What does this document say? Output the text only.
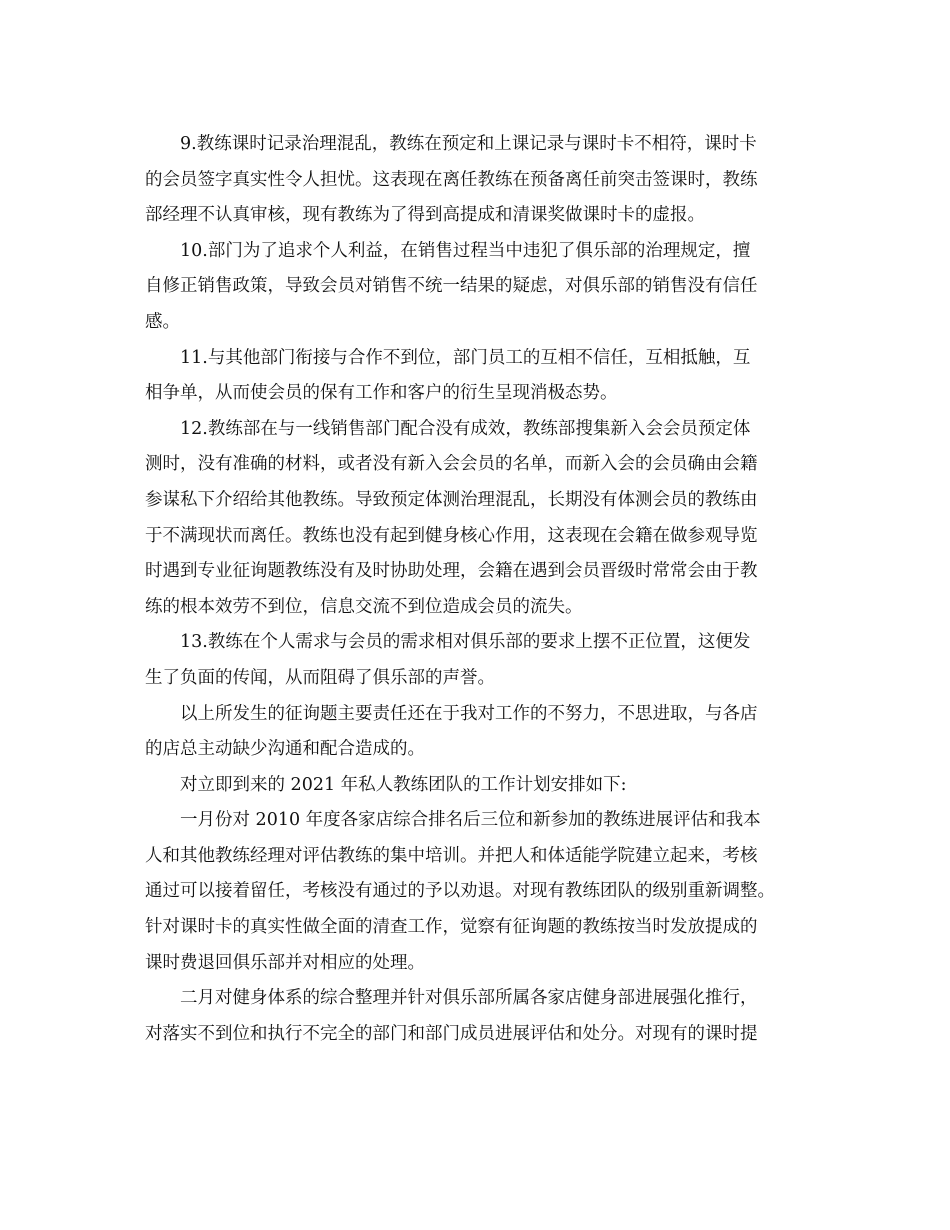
9.教练课时记录治理混乱，教练在预定和上课记录与课时卡不相符，课时卡
的会员签字真实性令人担忧。这表现在离任教练在预备离任前突击签课时，教练
部经理不认真审核，现有教练为了得到高提成和清课奖做课时卡的虚报。
10.部门为了追求个人利益，在销售过程当中违犯了俱乐部的治理规定，擅
自修正销售政策，导致会员对销售不统一结果的疑虑，对俱乐部的销售没有信任
感。
11.与其他部门衔接与合作不到位，部门员工的互相不信任，互相抵触，互
相争单，从而使会员的保有工作和客户的衍生呈现消极态势。
12.教练部在与一线销售部门配合没有成效，教练部搜集新入会会员预定体
测时，没有准确的材料，或者没有新入会会员的名单，而新入会的会员确由会籍
参谋私下介绍给其他教练。导致预定体测治理混乱，长期没有体测会员的教练由
于不满现状而离任。教练也没有起到健身核心作用，这表现在会籍在做参观导览
时遇到专业征询题教练没有及时协助处理，会籍在遇到会员晋级时常常会由于教
练的根本效劳不到位，信息交流不到位造成会员的流失。
13.教练在个人需求与会员的需求相对俱乐部的要求上摆不正位置，这便发
生了负面的传闻，从而阻碍了俱乐部的声誉。
以上所发生的征询题主要责任还在于我对工作的不努力，不思进取，与各店
的店总主动缺少沟通和配合造成的。
对立即到来的 2021 年私人教练团队的工作计划安排如下:
一月份对 2010 年度各家店综合排名后三位和新参加的教练进展评估和我本
人和其他教练经理对评估教练的集中培训。并把人和体适能学院建立起来，考核
通过可以接着留任，考核没有通过的予以劝退。对现有教练团队的级别重新调整。
针对课时卡的真实性做全面的清查工作，觉察有征询题的教练按当时发放提成的
课时费退回俱乐部并对相应的处理。
二月对健身体系的综合整理并针对俱乐部所属各家店健身部进展强化推行，
对落实不到位和执行不完全的部门和部门成员进展评估和处分。对现有的课时提
